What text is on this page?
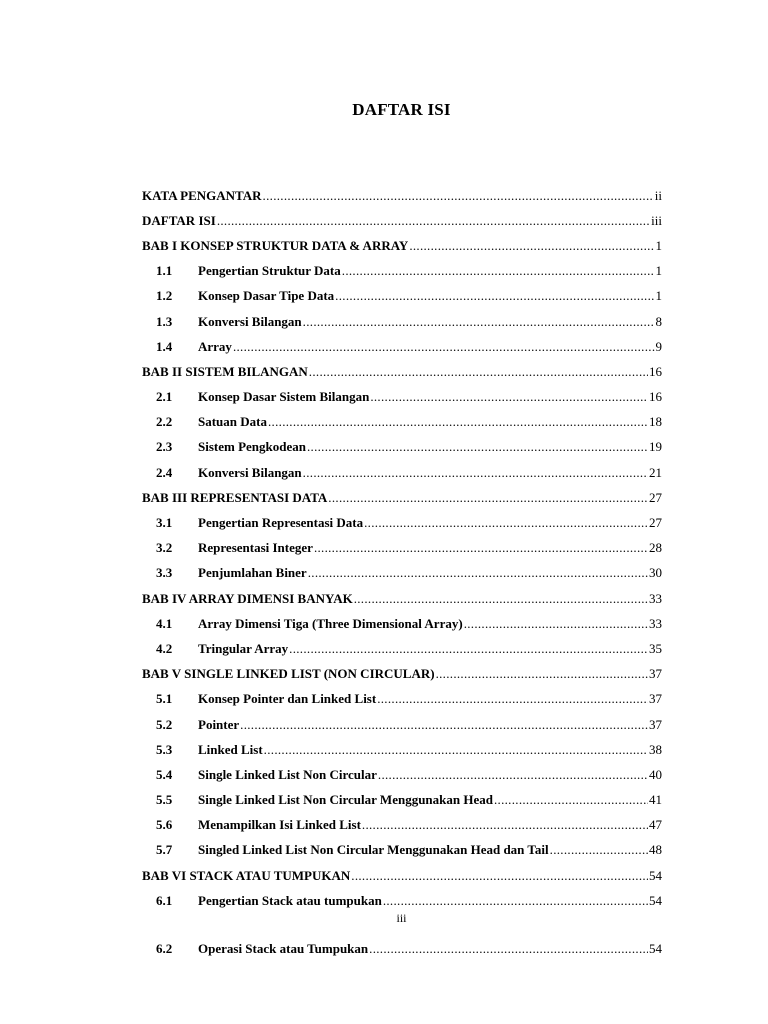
DAFTAR ISI
KATA PENGANTAR .....	ii
DAFTAR ISI .....	iii
BAB I KONSEP STRUKTUR DATA & ARRAY .....	1
1.1	Pengertian Struktur Data .....	1
1.2	Konsep Dasar Tipe Data .....	1
1.3	Konversi Bilangan .....	8
1.4	Array .....	9
BAB II SISTEM BILANGAN .....	16
2.1	Konsep Dasar Sistem Bilangan .....	16
2.2	Satuan Data .....	18
2.3	Sistem Pengkodean .....	19
2.4	Konversi Bilangan .....	21
BAB III REPRESENTASI DATA .....	27
3.1	Pengertian Representasi Data .....	27
3.2	Representasi Integer .....	28
3.3	Penjumlahan Biner .....	30
BAB IV ARRAY DIMENSI BANYAK .....	33
4.1	Array Dimensi Tiga (Three Dimensional Array) .....	33
4.2	Tringular Array .....	35
BAB V SINGLE LINKED LIST (NON CIRCULAR) .....	37
5.1	Konsep Pointer dan Linked List .....	37
5.2	Pointer .....	37
5.3	Linked List .....	38
5.4	Single Linked List Non Circular .....	40
5.5	Single Linked List Non Circular Menggunakan Head .....	41
5.6	Menampilkan Isi Linked List .....	47
5.7	Singled Linked List Non Circular Menggunakan Head dan Tail .....	48
BAB VI STACK ATAU TUMPUKAN .....	54
6.1	Pengertian Stack atau tumpukan .....	54
iii
6.2	Operasi Stack atau Tumpukan .....	54
